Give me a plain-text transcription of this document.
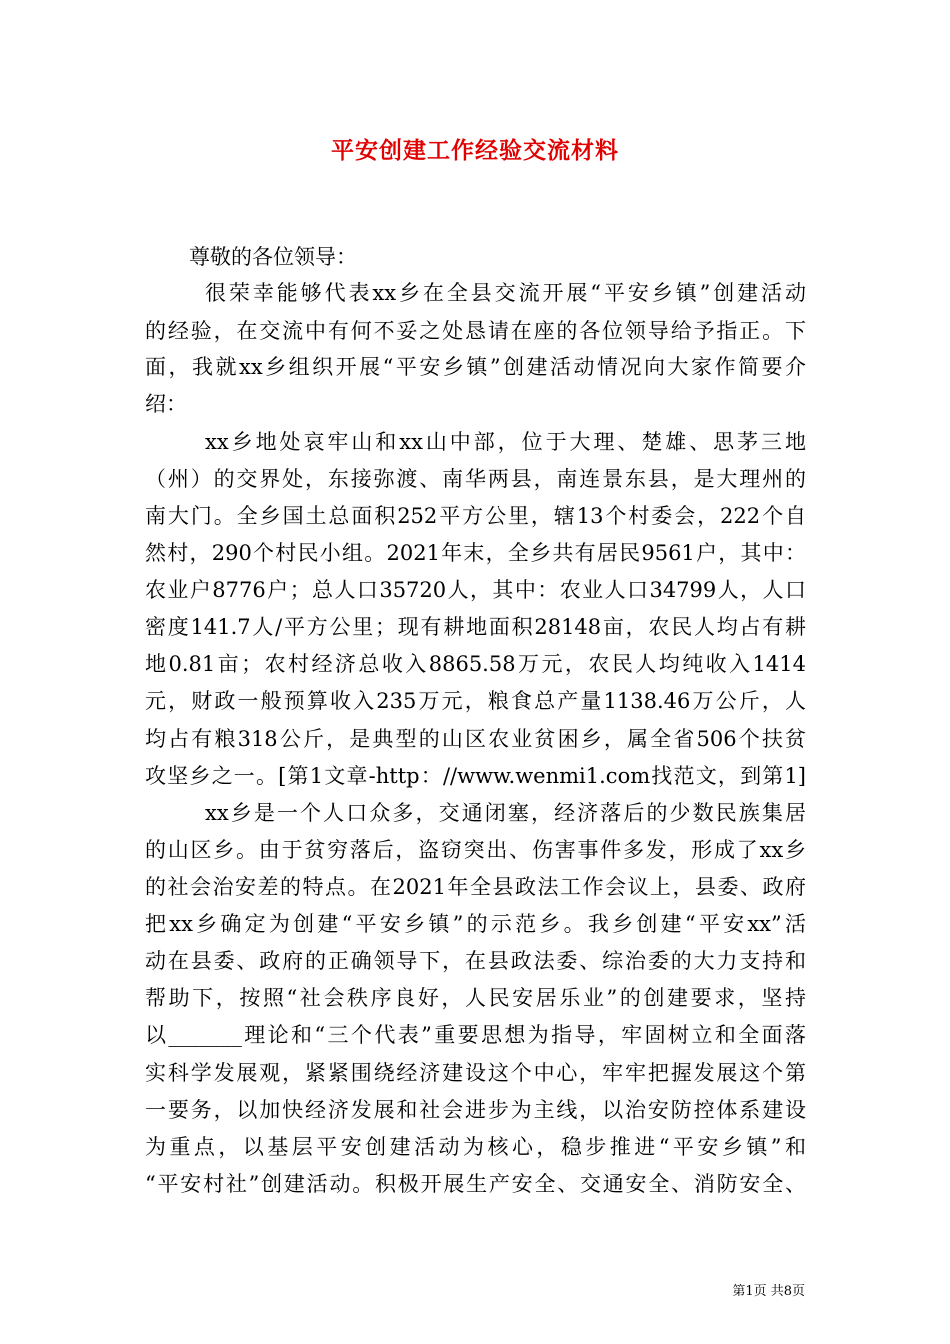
平安创建工作经验交流材料
尊敬的各位领导：
很荣幸能够代表xx乡在全县交流开展“平安乡镇”创建活动
的经验，在交流中有何不妥之处恳请在座的各位领导给予指正。下
面，我就xx乡组织开展“平安乡镇”创建活动情况向大家作简要介
绍：
xx乡地处哀牢山和xx山中部，位于大理、楚雄、思茅三地
（州）的交界处，东接弥渡、南华两县，南连景东县，是大理州的
南大门。全乡国土总面积252平方公里，辖13个村委会，222个自
然村，290个村民小组。2021年末，全乡共有居民9561户，其中：
农业户8776户；总人口35720人，其中：农业人口34799人，人口
密度141.7人/平方公里；现有耕地面积28148亩，农民人均占有耕
地0.81亩；农村经济总收入8865.58万元，农民人均纯收入1414
元，财政一般预算收入235万元，粮食总产量1138.46万公斤，人
均占有粮318公斤，是典型的山区农业贫困乡，属全省506个扶贫
攻坚乡之一。[第1文章-http：//www.wenmi1.com找范文，到第1]
xx乡是一个人口众多，交通闭塞，经济落后的少数民族集居
的山区乡。由于贫穷落后，盗窃突出、伤害事件多发，形成了xx乡
的社会治安差的特点。在2021年全县政法工作会议上，县委、政府
把xx乡确定为创建“平安乡镇”的示范乡。我乡创建“平安xx”活
动在县委、政府的正确领导下，在县政法委、综治委的大力支持和
帮助下，按照“社会秩序良好，人民安居乐业”的创建要求，坚持
以_______理论和“三个代表”重要思想为指导，牢固树立和全面落
实科学发展观，紧紧围绕经济建设这个中心，牢牢把握发展这个第
一要务，以加快经济发展和社会进步为主线，以治安防控体系建设
为重点，以基层平安创建活动为核心，稳步推进“平安乡镇”和
“平安村社”创建活动。积极开展生产安全、交通安全、消防安全、
第1页 共8页
